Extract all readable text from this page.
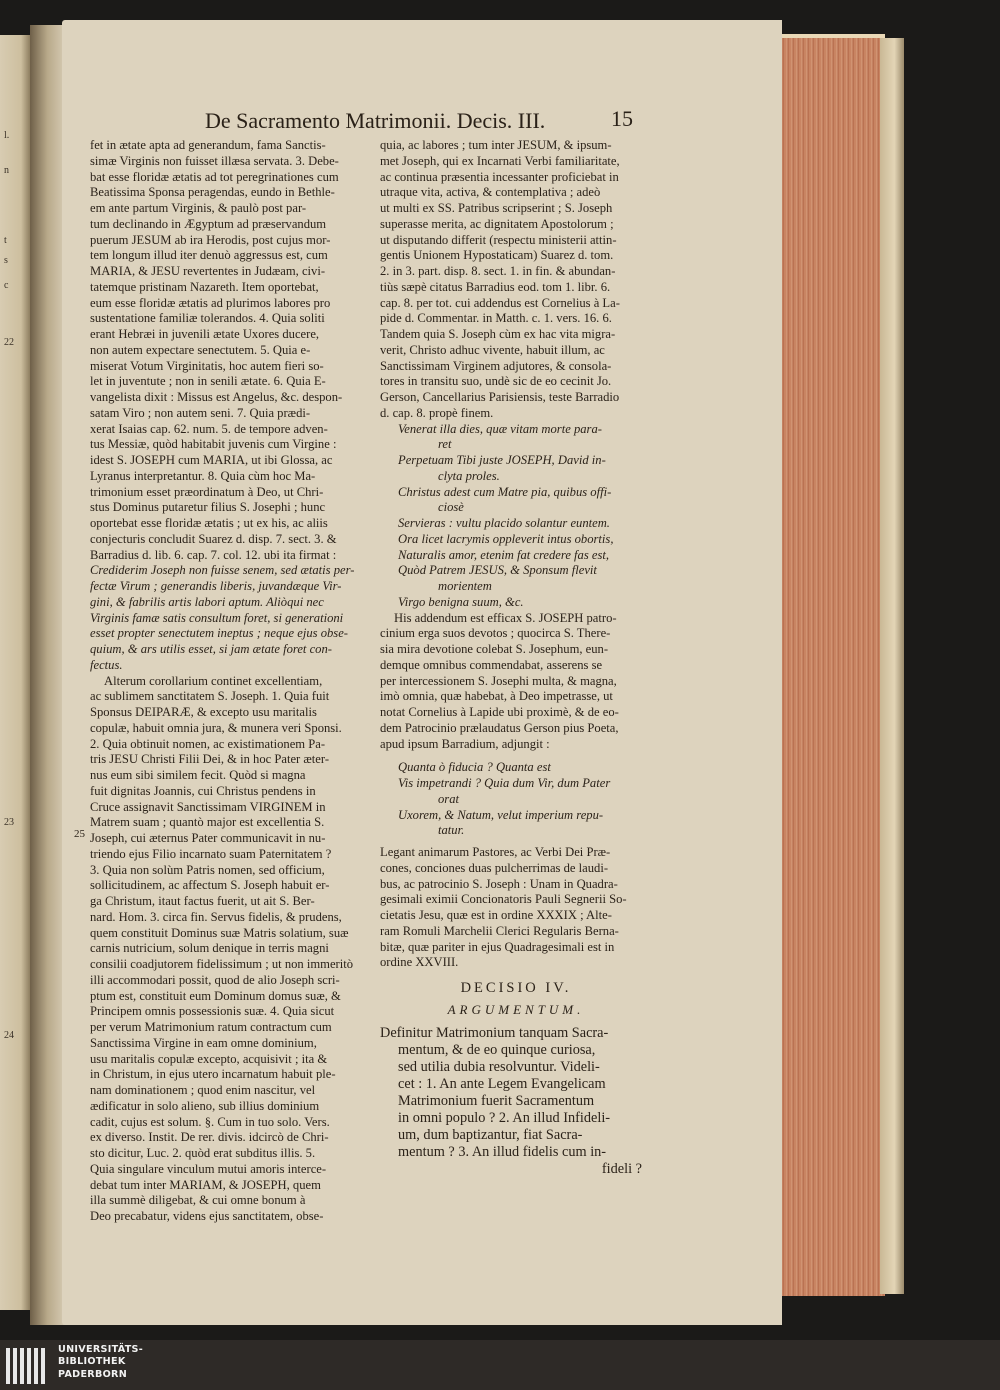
l.
n
t
s
c
22
23
24
De Sacramento Matrimonii. Decis. III.	15
25
fet in ætate apta ad generandum, fama Sanctis-
simæ Virginis non fuisset illæsa servata. 3. Debe-
bat esse floridæ ætatis ad tot peregrinationes cum
Beatissima Sponsa peragendas, eundo in Bethle-
em ante partum Virginis, & paulò post par-
tum declinando in Ægyptum ad præservandum
puerum JESUM ab ira Herodis, post cujus mor-
tem longum illud iter denuò aggressus est, cum
MARIA, & JESU revertentes in Judæam, civi-
tatemque pristinam Nazareth. Item oportebat,
eum esse floridæ ætatis ad plurimos labores pro
sustentatione familiæ tolerandos. 4. Quia soliti
erant Hebræi in juvenili ætate Uxores ducere,
non autem expectare senectutem. 5. Quia e-
miserat Votum Virginitatis, hoc autem fieri so-
let in juventute ; non in senili ætate. 6. Quia E-
vangelista dixit : Missus est Angelus, &c. despon-
satam Viro ; non autem seni. 7. Quia prædi-
xerat Isaias cap. 62. num. 5. de tempore adven-
tus Messiæ, quòd habitabit juvenis cum Virgine :
idest S. JOSEPH cum MARIA, ut ibi Glossa, ac
Lyranus interpretantur. 8. Quia cùm hoc Ma-
trimonium esset præordinatum à Deo, ut Chri-
stus Dominus putaretur filius S. Josephi ; hunc
oportebat esse floridæ ætatis ; ut ex his, ac aliis
conjecturis concludit Suarez d. disp. 7. sect. 3. &
Barradius d. lib. 6. cap. 7. col. 12. ubi ita firmat :
Crediderim Joseph non fuisse senem, sed ætatis per-
fectæ Virum ; generandis liberis, juvandæque Vir-
gini, & fabrilis artis labori aptum. Aliòqui nec
Virginis famæ satis consultum foret, si generationi
esset propter senectutem ineptus ; neque ejus obse-
quium, & ars utilis esset, si jam ætate foret con-
fectus.
Alterum corollarium continet excellentiam,
ac sublimem sanctitatem S. Joseph. 1. Quia fuit
Sponsus DEIPARÆ, & excepto usu maritalis
copulæ, habuit omnia jura, & munera veri Sponsi.
2. Quia obtinuit nomen, ac existimationem Pa-
tris JESU Christi Filii Dei, & in hoc Pater æter-
nus eum sibi similem fecit. Quòd si magna
fuit dignitas Joannis, cui Christus pendens in
Cruce assignavit Sanctissimam VIRGINEM in
Matrem suam ; quantò major est excellentia S.
Joseph, cui æternus Pater communicavit in nu-
triendo ejus Filio incarnato suam Paternitatem ?
3. Quia non solùm Patris nomen, sed officium,
sollicitudinem, ac affectum S. Joseph habuit er-
ga Christum, itaut factus fuerit, ut ait S. Ber-
nard. Hom. 3. circa fin. Servus fidelis, & prudens,
quem constituit Dominus suæ Matris solatium, suæ
carnis nutricium, solum denique in terris magni
consilii coadjutorem fidelissimum ; ut non immeritò
illi accommodari possit, quod de alio Joseph scri-
ptum est, constituit eum Dominum domus suæ, &
Principem omnis possessionis suæ. 4. Quia sicut
per verum Matrimonium ratum contractum cum
Sanctissima Virgine in eam omne dominium,
usu maritalis copulæ excepto, acquisivit ; ita &
in Christum, in ejus utero incarnatum habuit ple-
nam dominationem ; quod enim nascitur, vel
ædificatur in solo alieno, sub illius dominium
cadit, cujus est solum. §. Cum in tuo solo. Vers.
ex diverso. Instit. De rer. divis. idcircò de Chri-
sto dicitur, Luc. 2. quòd erat subditus illis. 5.
Quia singulare vinculum mutui amoris interce-
debat tum inter MARIAM, & JOSEPH, quem
illa summè diligebat, & cui omne bonum à
Deo precabatur, videns ejus sanctitatem, obse-
quia, ac labores ; tum inter JESUM, & ipsum-
met Joseph, qui ex Incarnati Verbi familiaritate,
ac continua præsentia incessanter proficiebat in
utraque vita, activa, & contemplativa ; adeò
ut multi ex SS. Patribus scripserint ; S. Joseph
superasse merita, ac dignitatem Apostolorum ;
ut disputando differit (respectu ministerii attin-
gentis Unionem Hypostaticam) Suarez d. tom.
2. in 3. part. disp. 8. sect. 1. in fin. & abundan-
tiùs sæpè citatus Barradius eod. tom 1. libr. 6.
cap. 8. per tot. cui addendus est Cornelius à La-
pide d. Commentar. in Matth. c. 1. vers. 16. 6.
Tandem quia S. Joseph cùm ex hac vita migra-
verit, Christo adhuc vivente, habuit illum, ac
Sanctissimam Virginem adjutores, & consola-
tores in transitu suo, undè sic de eo cecinit Jo.
Gerson, Cancellarius Parisiensis, teste Barradio
d. cap. 8. propè finem.
Venerat illa dies, quæ vitam morte para-
ret
Perpetuam Tibi juste JOSEPH, David in-
clyta proles.
Christus adest cum Matre pia, quibus offi-
ciosè
Servieras : vultu placido solantur euntem.
Ora licet lacrymis oppleverit intus obortis,
Naturalis amor, etenim fat credere fas est,
Quòd Patrem JESUS, & Sponsum flevit
morientem
Virgo benigna suum, &c.
His addendum est efficax S. JOSEPH patro-
cinium erga suos devotos ; quocirca S. There-
sia mira devotione colebat S. Josephum, eun-
demque omnibus commendabat, asserens se
per intercessionem S. Josephi multa, & magna,
imò omnia, quæ habebat, à Deo impetrasse, ut
notat Cornelius à Lapide ubi proximè, & de eo-
dem Patrocinio prælaudatus Gerson pius Poeta,
apud ipsum Barradium, adjungit :
Quanta ò fiducia ? Quanta est
Vis impetrandi ? Quia dum Vir, dum Pater
orat
Uxorem, & Natum, velut imperium repu-
tatur.
Legant animarum Pastores, ac Verbi Dei Præ-
cones, conciones duas pulcherrimas de laudi-
bus, ac patrocinio S. Joseph : Unam in Quadra-
gesimali eximii Concionatoris Pauli Segnerii So-
cietatis Jesu, quæ est in ordine XXXIX ; Alte-
ram Romuli Marchelii Clerici Regularis Berna-
bitæ, quæ pariter in ejus Quadragesimali est in
ordine XXVIII.
DECISIO IV.
ARGUMENTUM.
Definitur Matrimonium tanquam Sacra-
mentum, & de eo quinque curiosa,
sed utilia dubia resolvuntur. Videli-
cet : 1. An ante Legem Evangelicam
Matrimonium fuerit Sacramentum
in omni populo ? 2. An illud Infideli-
um, dum baptizantur, fiat Sacra-
mentum ? 3. An illud fidelis cum in-
fideli ?
UNIVERSITÄTS-
BIBLIOTHEK
PADERBORN
